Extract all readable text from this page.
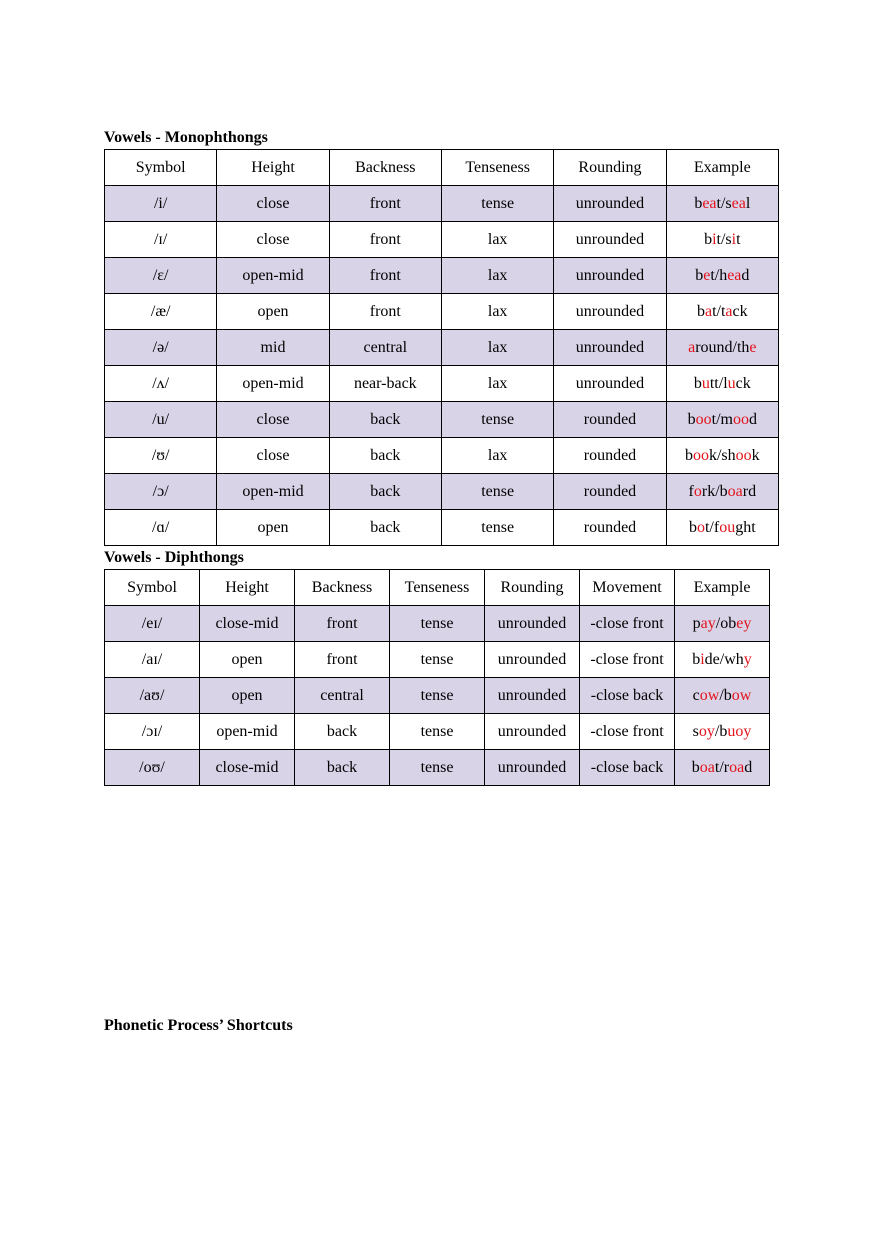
Vowels - Monophthongs
Symbol	Height	Backness	Tenseness	Rounding	Example
/i/	close	front	tense	unrounded	beat/seal
/ɪ/	close	front	lax	unrounded	bit/sit
/ɛ/	open-mid	front	lax	unrounded	bet/head
/æ/	open	front	lax	unrounded	bat/tack
/ə/	mid	central	lax	unrounded	around/the
/ʌ/	open-mid	near-back	lax	unrounded	butt/luck
/u/	close	back	tense	rounded	boot/mood
/ʊ/	close	back	lax	rounded	book/shook
/ɔ/	open-mid	back	tense	rounded	fork/board
/ɑ/	open	back	tense	rounded	bot/fought
Vowels - Diphthongs
Symbol	Height	Backness	Tenseness	Rounding	Movement	Example
/eɪ/	close-mid	front	tense	unrounded	-close front	pay/obey
/aɪ/	open	front	tense	unrounded	-close front	bide/why
/aʊ/	open	central	tense	unrounded	-close back	cow/bow
/ɔɪ/	open-mid	back	tense	unrounded	-close front	soy/buoy
/oʊ/	close-mid	back	tense	unrounded	-close back	boat/road
Phonetic Process’ Shortcuts
